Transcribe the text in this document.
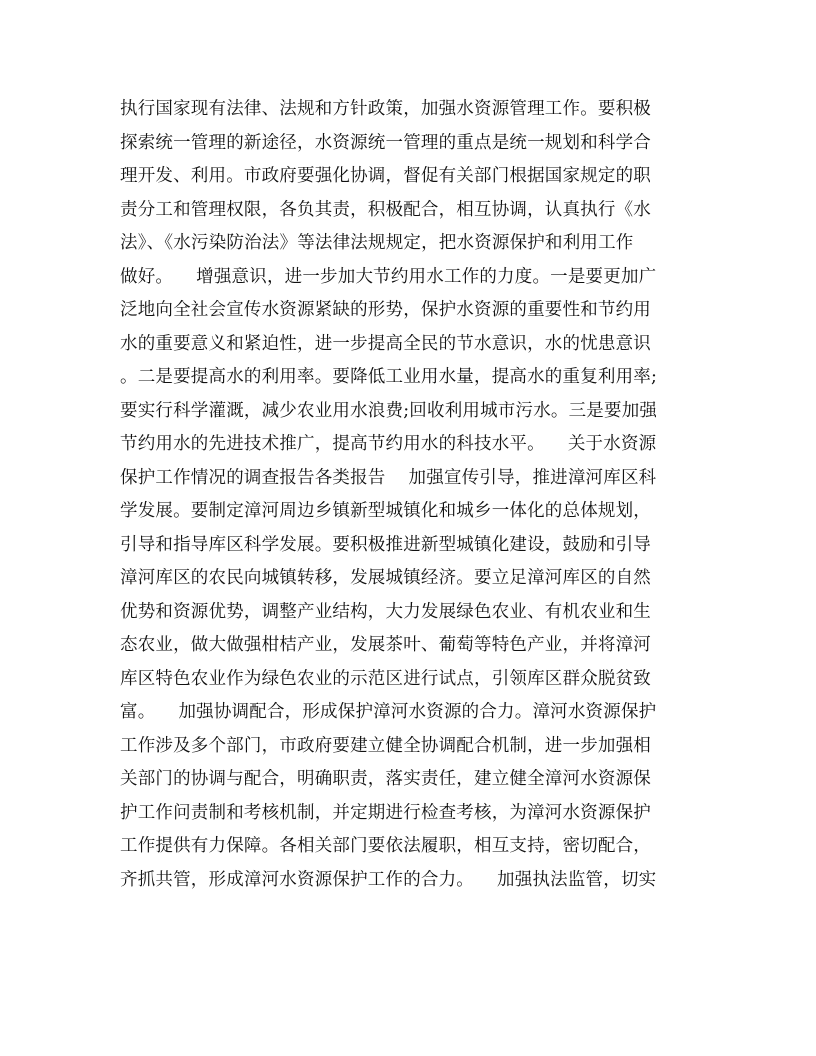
执行国家现有法律、法规和方针政策，加强水资源管理工作。要积极
探索统一管理的新途径，水资源统一管理的重点是统一规划和科学合
理开发、利用。市政府要强化协调，督促有关部门根据国家规定的职
责分工和管理权限，各负其责，积极配合，相互协调，认真执行《水
法》、《水污染防治法》等法律法规规定，把水资源保护和利用工作
做好。    增强意识，进一步加大节约用水工作的力度。一是要更加广
泛地向全社会宣传水资源紧缺的形势，保护水资源的重要性和节约用
水的重要意义和紧迫性，进一步提高全民的节水意识，水的忧患意识
。二是要提高水的利用率。要降低工业用水量，提高水的重复利用率;
要实行科学灌溉，减少农业用水浪费;回收利用城市污水。三是要加强
节约用水的先进技术推广，提高节约用水的科技水平。    关于水资源
保护工作情况的调查报告各类报告    加强宣传引导，推进漳河库区科
学发展。要制定漳河周边乡镇新型城镇化和城乡一体化的总体规划，
引导和指导库区科学发展。要积极推进新型城镇化建设，鼓励和引导
漳河库区的农民向城镇转移，发展城镇经济。要立足漳河库区的自然
优势和资源优势，调整产业结构，大力发展绿色农业、有机农业和生
态农业，做大做强柑桔产业，发展茶叶、葡萄等特色产业，并将漳河
库区特色农业作为绿色农业的示范区进行试点，引领库区群众脱贫致
富。    加强协调配合，形成保护漳河水资源的合力。漳河水资源保护
工作涉及多个部门，市政府要建立健全协调配合机制，进一步加强相
关部门的协调与配合，明确职责，落实责任，建立健全漳河水资源保
护工作问责制和考核机制，并定期进行检查考核，为漳河水资源保护
工作提供有力保障。各相关部门要依法履职，相互支持，密切配合，
齐抓共管，形成漳河水资源保护工作的合力。    加强执法监管，切实
